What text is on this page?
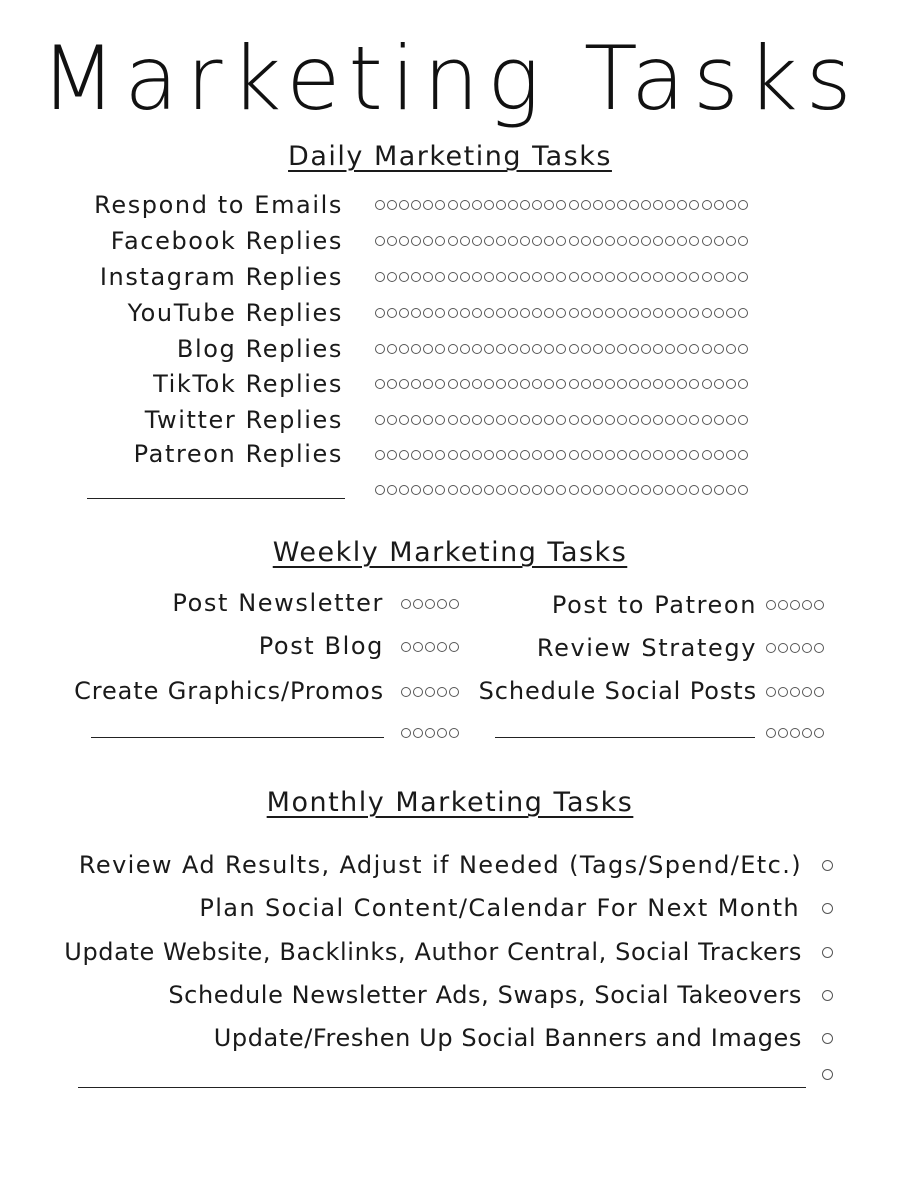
Marketing Tasks
Daily Marketing Tasks
Respond to Emails
Facebook Replies
Instagram Replies
YouTube Replies
Blog Replies
TikTok Replies
Twitter Replies
Patreon Replies
Weekly Marketing Tasks
Post Newsletter
Post Blog
Create Graphics/Promos
Post to Patreon
Review Strategy
Schedule Social Posts
Monthly Marketing Tasks
Review Ad Results, Adjust if Needed (Tags/Spend/Etc.)
Plan Social Content/Calendar For Next Month
Update Website, Backlinks, Author Central, Social Trackers
Schedule Newsletter Ads, Swaps, Social Takeovers
Update/Freshen Up Social Banners and Images
